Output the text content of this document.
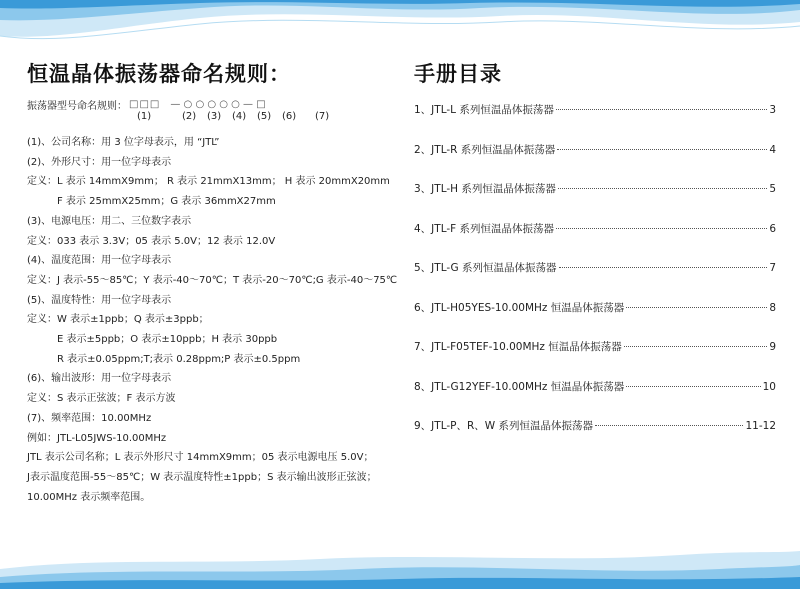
恒温晶体振荡器命名规则：
振荡器型号命名规则： □□□ — ○ ○ ○ ○ ○ — □
(1)	(2) (3) (4) (5) (6) (7)
(1)、公司名称：用 3 位字母表示，用 “JTL”
(2)、外形尺寸：用一位字母表示
定义：L 表示 14mmX9mm； R 表示 21mmX13mm； H 表示 20mmX20mm
F 表示 25mmX25mm；G 表示 36mmX27mm
(3)、电源电压：用二、三位数字表示
定义：033 表示 3.3V；05 表示 5.0V；12 表示 12.0V
(4)、温度范围：用一位字母表示
定义：J 表示-55～85℃；Y 表示-40～70℃；T 表示-20～70℃;G 表示-40～75℃
(5)、温度特性：用一位字母表示
定义：W 表示±1ppb；Q 表示±3ppb；
E 表示±5ppb；O 表示±10ppb；H 表示 30ppb
R 表示±0.05ppm;T;表示 0.28ppm;P 表示±0.5ppm
(6)、输出波形：用一位字母表示
定义：S 表示正弦波；F 表示方波
(7)、频率范围：10.00MHz
例如：JTL-L05JWS-10.00MHz
JTL 表示公司名称；L 表示外形尺寸 14mmX9mm；05 表示电源电压 5.0V；
J表示温度范围-55～85℃；W 表示温度特性±1ppb；S 表示输出波形正弦波；
10.00MHz 表示频率范围。
手册目录
1、JTL-L 系列恒温晶体振荡器	3
2、JTL-R 系列恒温晶体振荡器	4
3、JTL-H 系列恒温晶体振荡器	5
4、JTL-F 系列恒温晶体振荡器	6
5、JTL-G 系列恒温晶体振荡器	7
6、JTL-H05YES-10.00MHz 恒温晶体振荡器	8
7、JTL-F05TEF-10.00MHz 恒温晶体振荡器	9
8、JTL-G12YEF-10.00MHz 恒温晶体振荡器	10
9、JTL-P、R、W 系列恒温晶体振荡器	11-12
